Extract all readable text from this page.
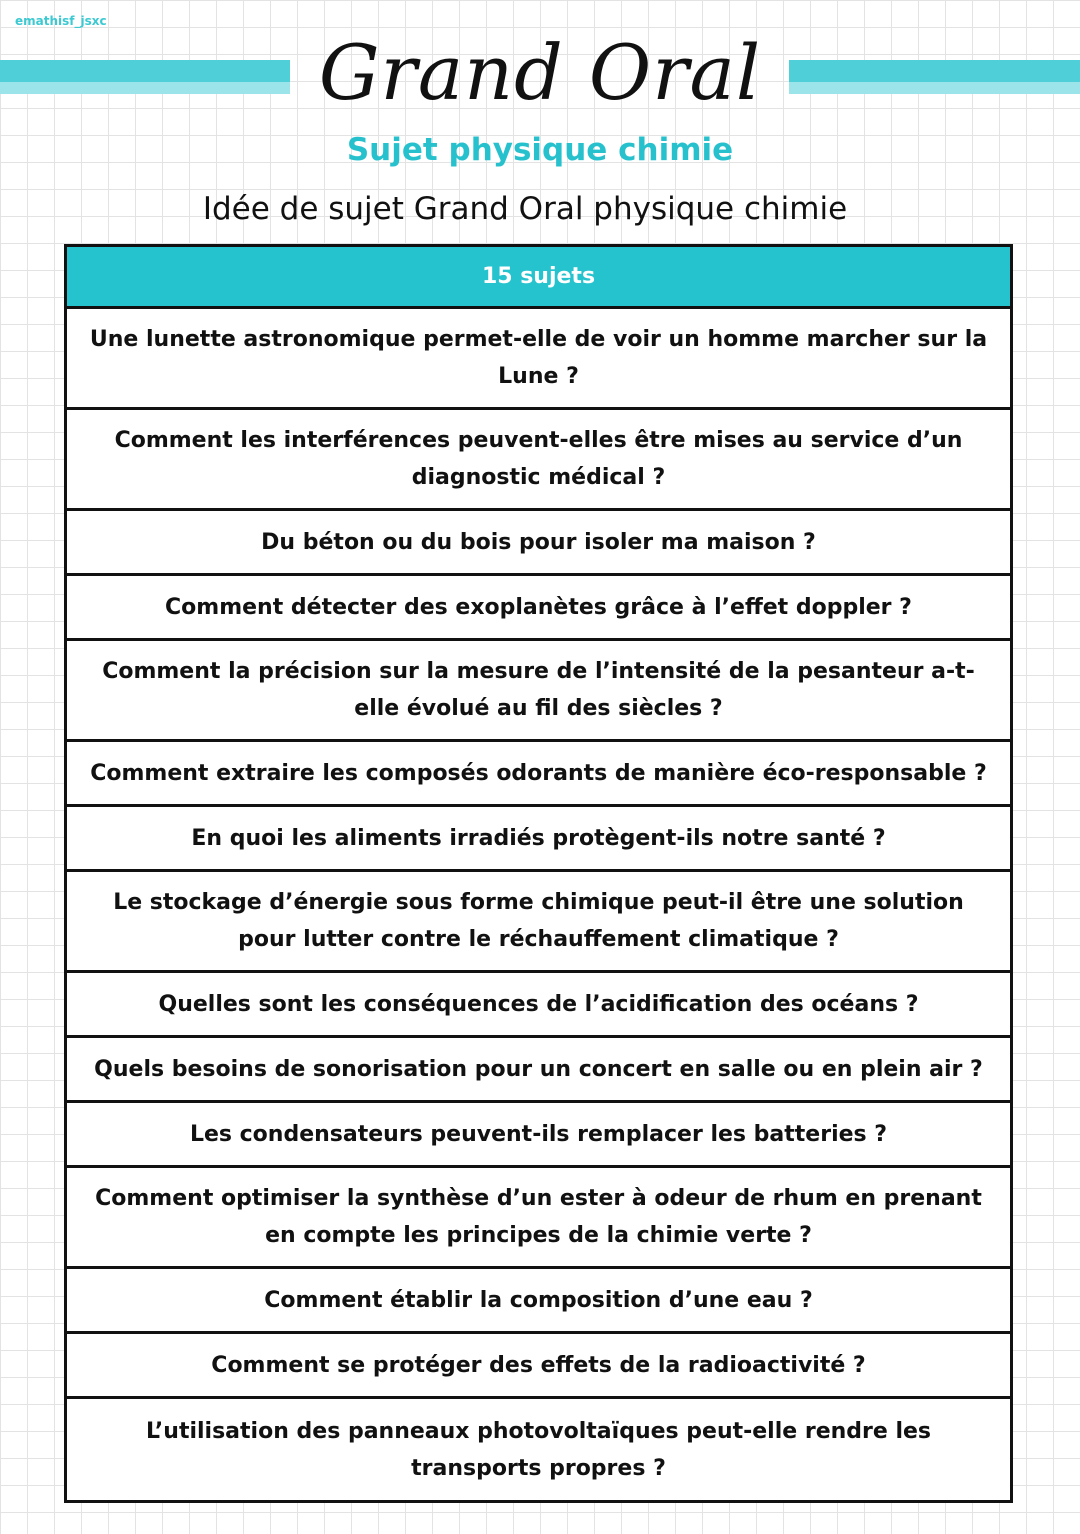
emathisf_jsxc
Grand Oral
Sujet physique chimie
Idée de sujet Grand Oral physique chimie
15 sujets
Une lunette astronomique permet-elle de voir un homme marcher sur la Lune ?
Comment les interférences peuvent-elles être mises au service d’un diagnostic médical ?
Du béton ou du bois pour isoler ma maison ?
Comment détecter des exoplanètes grâce à l’effet doppler ?
Comment la précision sur la mesure de l’intensité de la pesanteur a-t-elle évolué au fil des siècles ?
Comment extraire les composés odorants de manière éco-responsable ?
En quoi les aliments irradiés protègent-ils notre santé ?
Le stockage d’énergie sous forme chimique peut-il être une solution pour lutter contre le réchauffement climatique ?
Quelles sont les conséquences de l’acidification des océans ?
Quels besoins de sonorisation pour un concert en salle ou en plein air ?
Les condensateurs peuvent-ils remplacer les batteries ?
Comment optimiser la synthèse d’un ester à odeur de rhum en prenant en compte les principes de la chimie verte ?
Comment établir la composition d’une eau ?
Comment se protéger des effets de la radioactivité ?
L’utilisation des panneaux photovoltaïques peut-elle rendre les transports propres ?
